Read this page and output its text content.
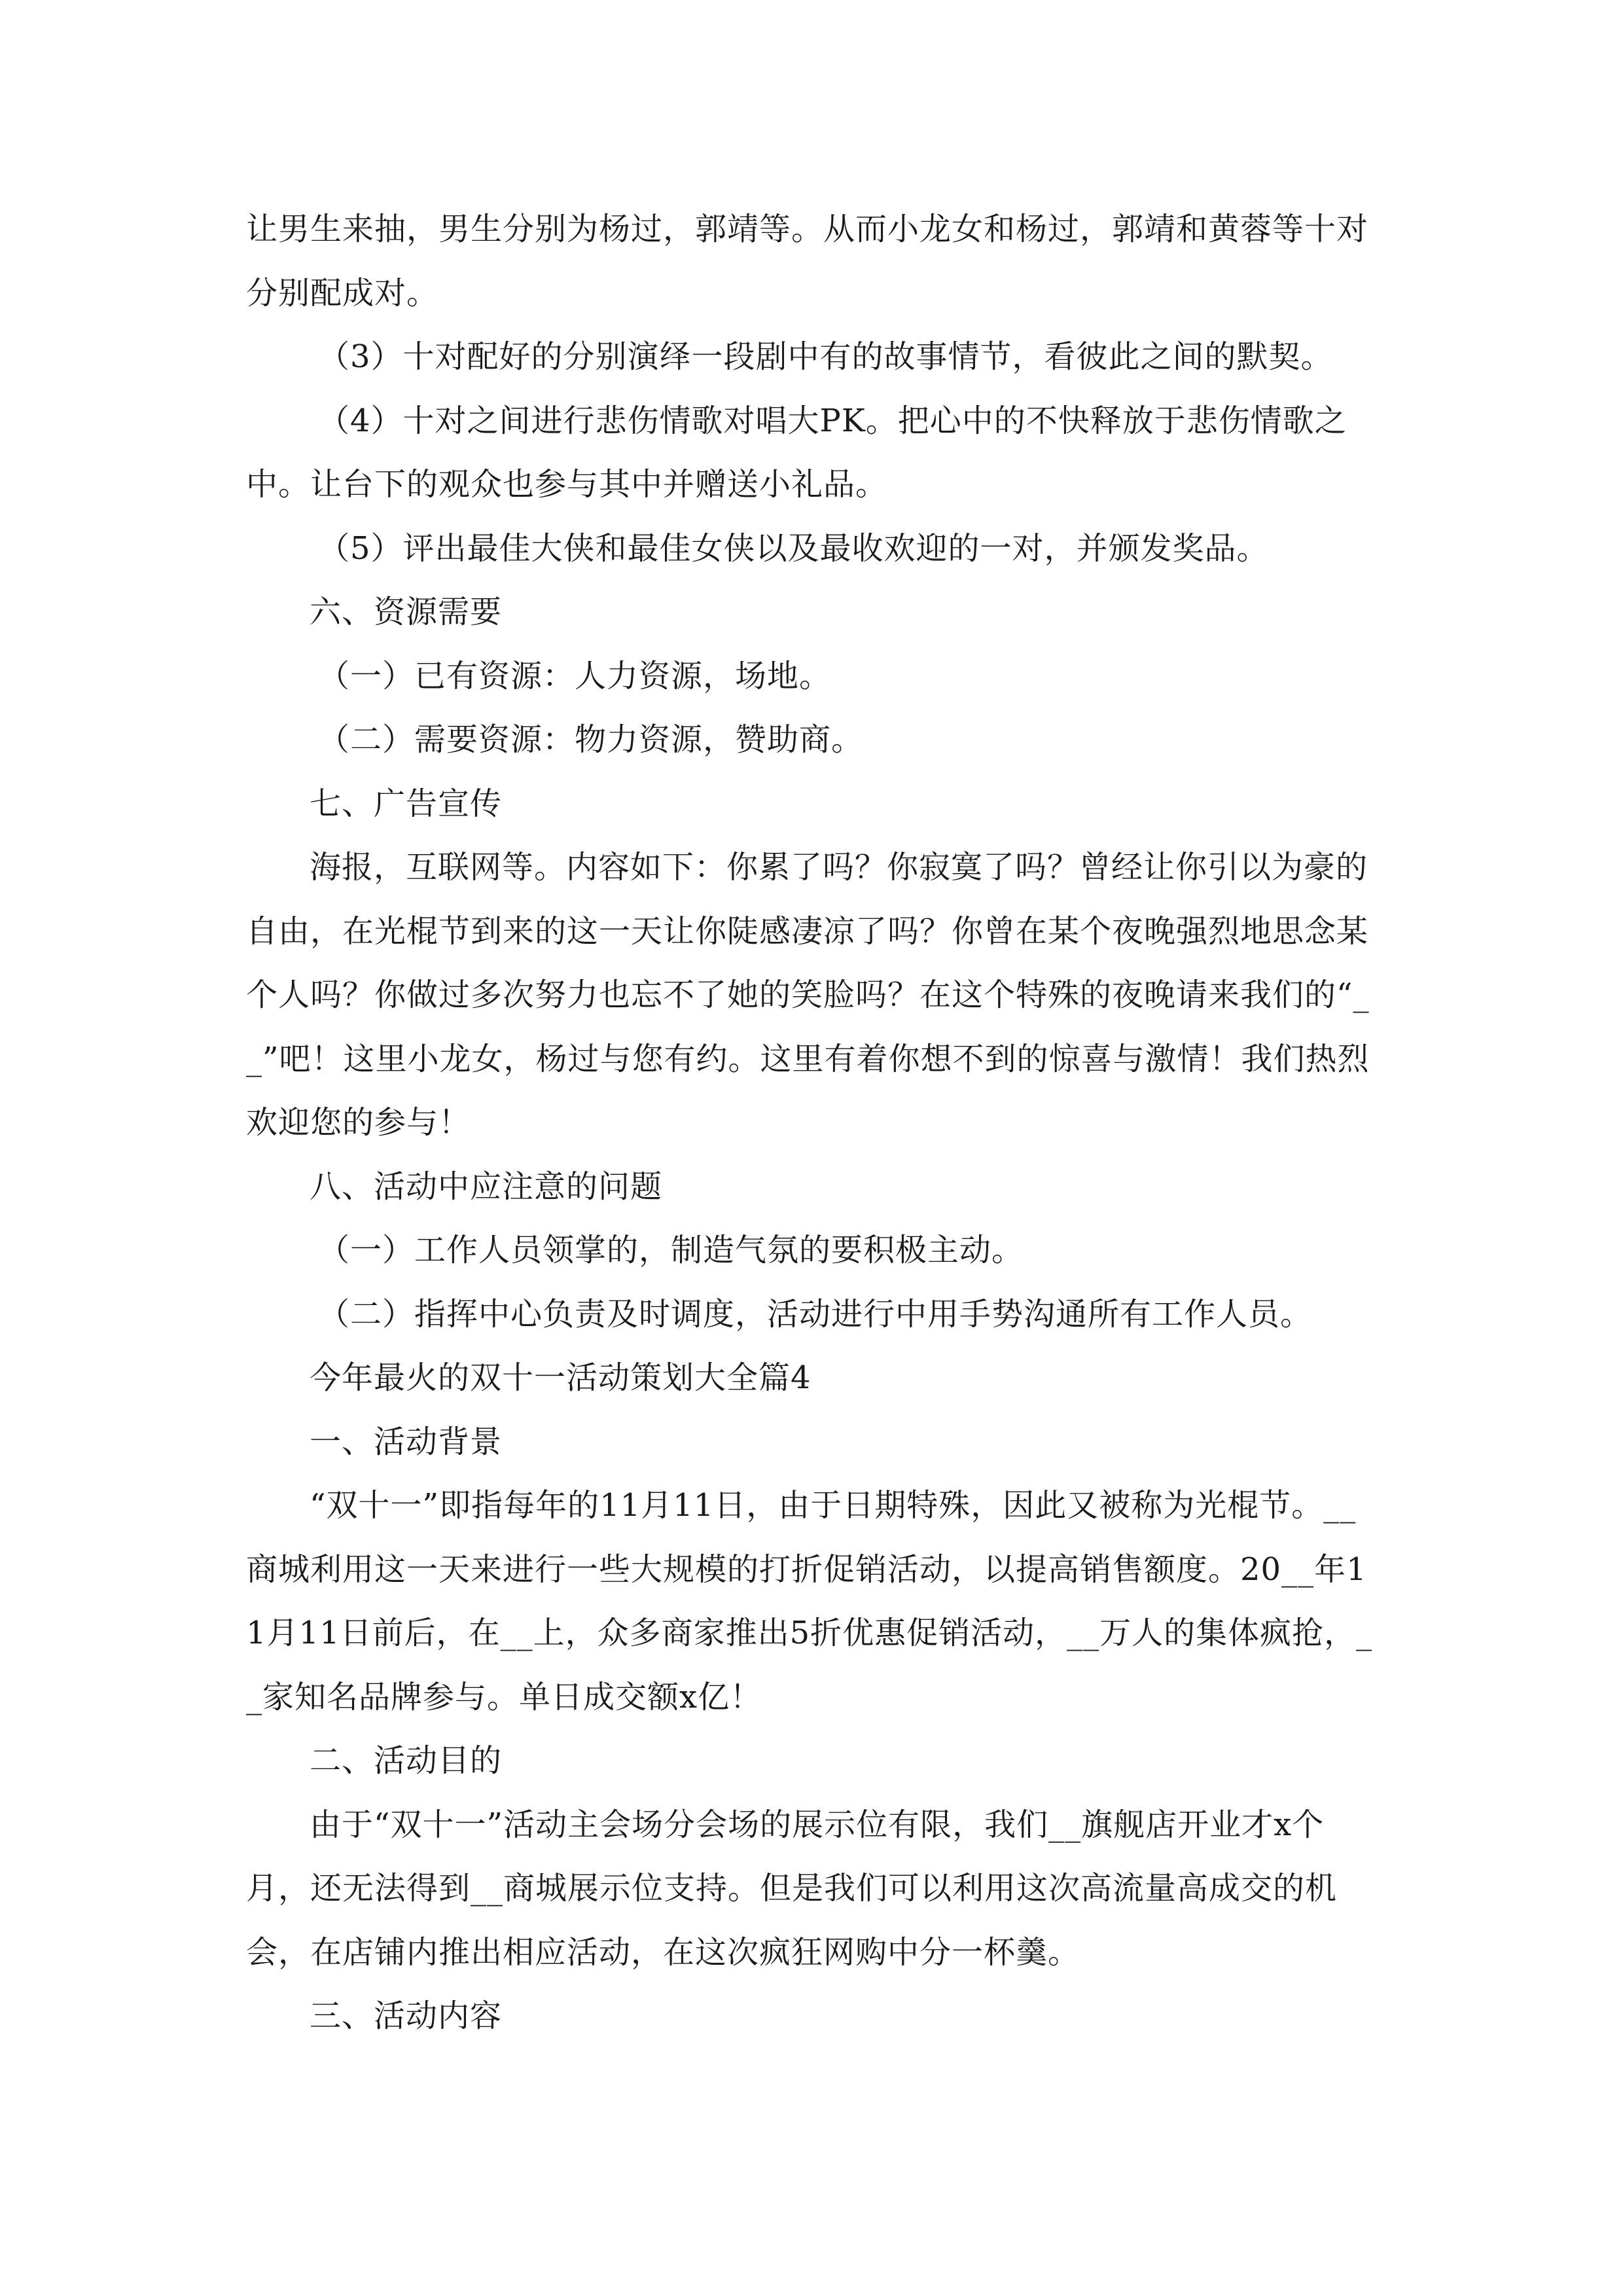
让男生来抽，男生分别为杨过，郭靖等。从而小龙女和杨过，郭靖和黄蓉等十对分别配成对。

（3）十对配好的分别演绎一段剧中有的故事情节，看彼此之间的默契。

（4）十对之间进行悲伤情歌对唱大PK。把心中的不快释放于悲伤情歌之中。让台下的观众也参与其中并赠送小礼品。

（5）评出最佳大侠和最佳女侠以及最收欢迎的一对，并颁发奖品。

六、资源需要

（一）已有资源：人力资源，场地。

（二）需要资源：物力资源，赞助商。

七、广告宣传

海报，互联网等。内容如下：你累了吗？你寂寞了吗？曾经让你引以为豪的自由，在光棍节到来的这一天让你陡感凄凉了吗？你曾在某个夜晚强烈地思念某个人吗？你做过多次努力也忘不了她的笑脸吗？在这个特殊的夜晚请来我们的“__”吧！这里小龙女，杨过与您有约。这里有着你想不到的惊喜与激情！我们热烈欢迎您的参与！

八、活动中应注意的问题

（一）工作人员领掌的，制造气氛的要积极主动。

（二）指挥中心负责及时调度，活动进行中用手势沟通所有工作人员。

今年最火的双十一活动策划大全篇4

一、活动背景

“双十一”即指每年的11月11日，由于日期特殊，因此又被称为光棍节。__商城利用这一天来进行一些大规模的打折促销活动，以提高销售额度。20__年11月11日前后，在__上，众多商家推出5折优惠促销活动，__万人的集体疯抢，__家知名品牌参与。单日成交额x亿！

二、活动目的

由于“双十一”活动主会场分会场的展示位有限，我们__旗舰店开业才x个月，还无法得到__商城展示位支持。但是我们可以利用这次高流量高成交的机会，在店铺内推出相应活动，在这次疯狂网购中分一杯羹。

三、活动内容
